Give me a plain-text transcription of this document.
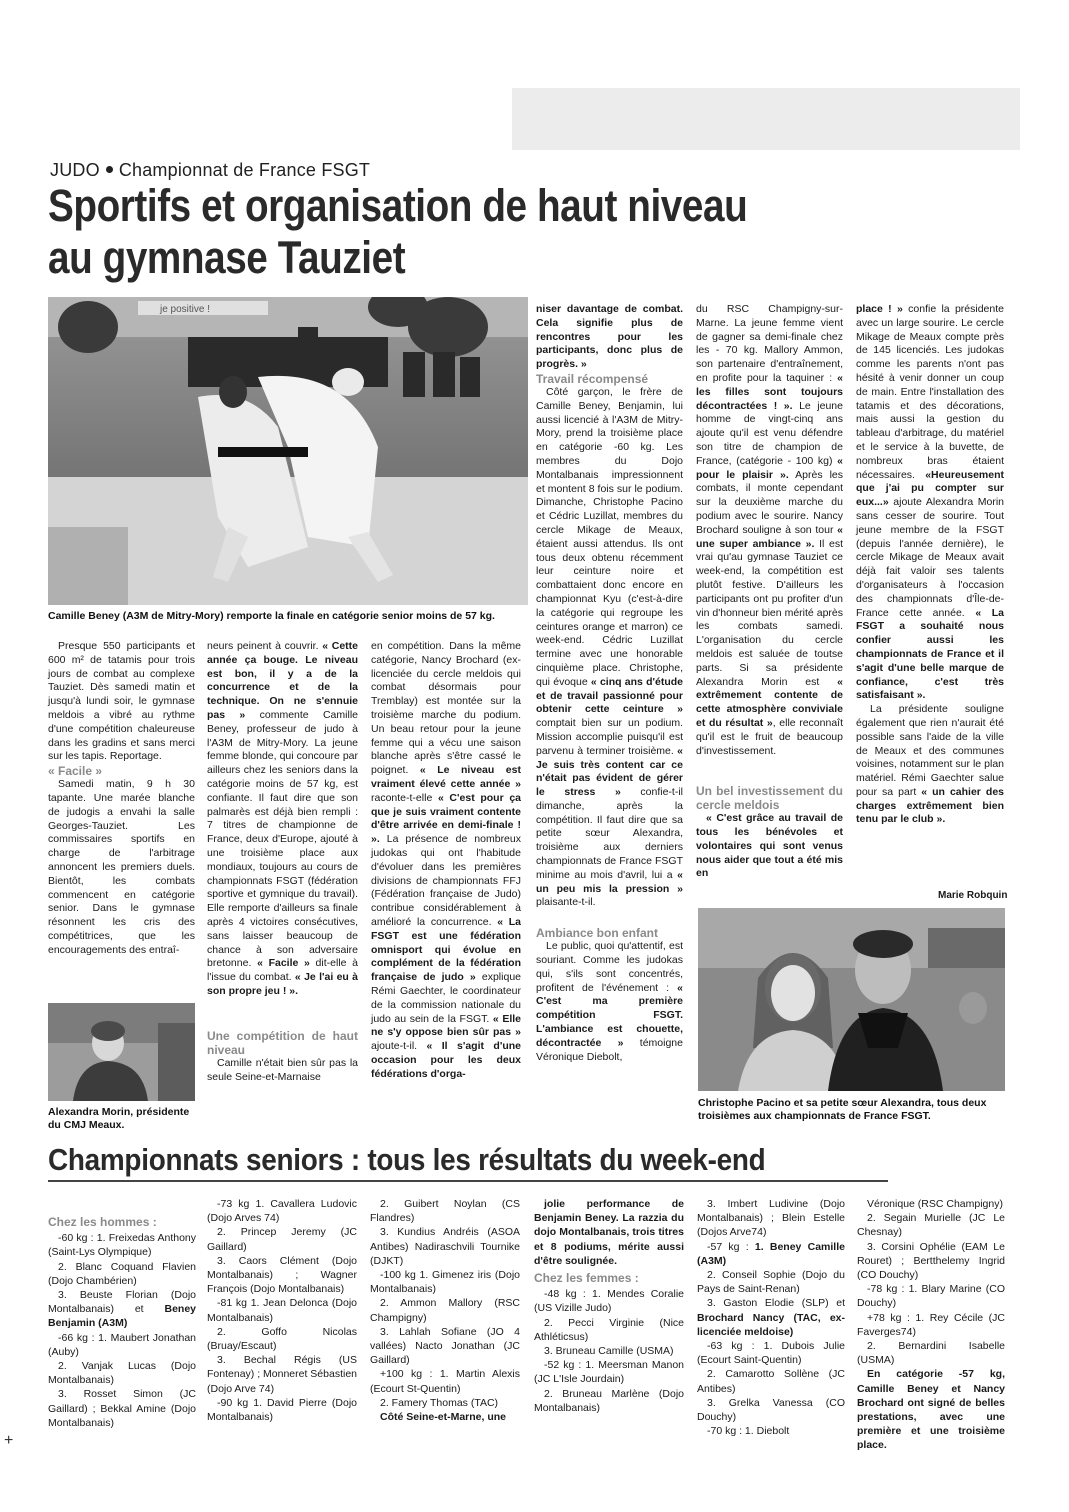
JUDO Championnat de France FSGT
Sportifs et organisation de haut niveau
au gymnase Tauziet
je positive !
Camille Beney (A3M de Mitry-Mory) remporte la finale en catégorie senior moins de 57 kg.

Presque 550 participants et 600 m² de tatamis pour trois jours de combat au complexe Tauziet. Dès samedi matin et jusqu'à lundi soir, le gymnase meldois a vibré au rythme d'une compétition chaleureuse dans les gradins et sans merci sur les tapis. Reportage.

« Facile »

Samedi matin, 9 h 30 tapante. Une marée blanche de judogis a envahi la salle Georges-Tauziet. Les commissaires sportifs en charge de l'arbitrage annoncent les premiers duels. Bientôt, les combats commencent en catégorie senior. Dans le gymnase résonnent les cris des compétitrices, que les encouragements des entraî-

Alexandra Morin, présidente du CMJ Meaux.

neurs peinent à couvrir. « Cette année ça bouge. Le niveau est bon, il y a de la concurrence et de la technique. On ne s'ennuie pas » commente Camille Beney, professeur de judo à l'A3M de Mitry-Mory. La jeune femme blonde, qui concoure par ailleurs chez les seniors dans la catégorie moins de 57 kg, est confiante. Il faut dire que son palmarès est déjà bien rempli : 7 titres de championne de France, deux d'Europe, ajouté à une troisième place aux mondiaux, toujours au cours de championnats FSGT (fédération sportive et gymnique du travail). Elle remporte d'ailleurs sa finale après 4 victoires consécutives, sans laisser beaucoup de chance à son adversaire bretonne. « Facile » dit-elle à l'issue du combat. « Je l'ai eu à son propre jeu ! ».

Une compétition de haut niveau

Camille n'était bien sûr pas la seule Seine-et-Marnaise

en compétition. Dans la même catégorie, Nancy Brochard (ex-licenciée du cercle meldois qui combat désormais pour Tremblay) est montée sur la troisième marche du podium. Un beau retour pour la jeune femme qui a vécu une saison blanche après s'être cassé le poignet. « Le niveau est vraiment élevé cette année » raconte-t-elle « C'est pour ça que je suis vraiment contente d'être arrivée en demi-finale ! ». La présence de nombreux judokas qui ont l'habitude d'évoluer dans les premières divisions de championnats FFJ (Fédération française de Judo) contribue considérablement à amélioré la concurrence. « La FSGT est une fédération omnisport qui évolue en complément de la fédération française de judo » explique Rémi Gaechter, le coordinateur de la commission nationale du judo au sein de la FSGT. « Elle ne s'y oppose bien sûr pas » ajoute-t-il. « Il s'agit d'une occasion pour les deux fédérations d'orga-

niser davantage de combat. Cela signifie plus de rencontres pour les participants, donc plus de progrès. »

Travail récompensé

Côté garçon, le frère de Camille Beney, Benjamin, lui aussi licencié à l'A3M de Mitry-Mory, prend la troisième place en catégorie -60 kg. Les membres du Dojo Montalbanais impressionnent et montent 8 fois sur le podium. Dimanche, Christophe Pacino et Cédric Luzillat, membres du cercle Mikage de Meaux, étaient aussi attendus. Ils ont tous deux obtenu récemment leur ceinture noire et combattaient donc encore en championnat Kyu (c'est-à-dire la catégorie qui regroupe les ceintures orange et marron) ce week-end. Cédric Luzillat termine avec une honorable cinquième place. Christophe, qui évoque « cinq ans d'étude et de travail passionné pour obtenir cette ceinture » comptait bien sur un podium. Mission accomplie puisqu'il est parvenu à terminer troisième. « Je suis très content car ce n'était pas évident de gérer le stress » confie-t-il dimanche, après la compétition. Il faut dire que sa petite sœur Alexandra, troisième aux derniers championnats de France FSGT minime au mois d'avril, lui a « un peu mis la pression » plaisante-t-il.

Ambiance bon enfant

Le public, quoi qu'attentif, est souriant. Comme les judokas qui, s'ils sont concentrés, profitent de l'événement : « C'est ma première compétition FSGT. L'ambiance est chouette, décontractée » témoigne Véronique Diebolt,

du RSC Champigny-sur-Marne. La jeune femme vient de gagner sa demi-finale chez les - 70 kg. Mallory Ammon, son partenaire d'entraînement, en profite pour la taquiner : « les filles sont toujours décontractées ! ». Le jeune homme de vingt-cinq ans ajoute qu'il est venu défendre son titre de champion de France, (catégorie - 100 kg) « pour le plaisir ». Après les combats, il monte cependant sur la deuxième marche du podium avec le sourire. Nancy Brochard souligne à son tour « une super ambiance ». Il est vrai qu'au gymnase Tauziet ce week-end, la compétition est plutôt festive. D'ailleurs les participants ont pu profiter d'un vin d'honneur bien mérité après les combats samedi. L'organisation du cercle meldois est saluée de toutse parts. Si sa présidente Alexandra Morin est « extrêmement contente de cette atmosphère conviviale et du résultat », elle reconnaît qu'il est le fruit de beaucoup d'investissement.

Un bel investissement du cercle meldois

« C'est grâce au travail de tous les bénévoles et volontaires qui sont venus nous aider que tout a été mis en

place ! » confie la présidente avec un large sourire. Le cercle Mikage de Meaux compte près de 145 licenciés. Les judokas comme les parents n'ont pas hésité à venir donner un coup de main. Entre l'installation des tatamis et des décorations, mais aussi la gestion du tableau d'arbitrage, du matériel et le service à la buvette, de nombreux bras étaient nécessaires. «Heureusement que j'ai pu compter sur eux...» ajoute Alexandra Morin sans cesser de sourire. Tout jeune membre de la FSGT (depuis l'année dernière), le cercle Mikage de Meaux avait déjà fait valoir ses talents d'organisateurs à l'occasion des championnats d'Île-de-France cette année. « La FSGT a souhaité nous confier aussi les championnats de France et il s'agit d'une belle marque de confiance, c'est très satisfaisant ».

La présidente souligne également que rien n'aurait été possible sans l'aide de la ville de Meaux et des communes voisines, notamment sur le plan matériel. Rémi Gaechter salue pour sa part « un cahier des charges extrêmement bien tenu par le club ».

Marie Robquin
Christophe Pacino et sa petite sœur Alexandra, tous deux troisièmes aux championnats de France FSGT.
Championnats seniors : tous les résultats du week-end
Chez les hommes :
-60 kg : 1. Freixedas Anthony (Saint-Lys Olympique)
2. Blanc Coquand Flavien (Dojo Chambérien)
3. Beuste Florian (Dojo Montalbanais) et Beney Benjamin (A3M)
-66 kg : 1. Maubert Jonathan (Auby)
2. Vanjak Lucas (Dojo Montalbanais)
3. Rosset Simon (JC Gaillard) ; Bekkal Amine (Dojo Montalbanais)
-73 kg 1. Cavallera Ludovic (Dojo Arves 74)
2. Princep Jeremy (JC Gaillard)
3. Caors Clément (Dojo Montalbanais) ; Wagner François (Dojo Montalbanais)
-81 kg 1. Jean Delonca (Dojo Montalbanais)
2. Goffo Nicolas (Bruay/Escaut)
3. Bechal Régis (US Fontenay) ; Monneret Sébastien (Dojo Arve 74)
-90 kg 1. David Pierre (Dojo Montalbanais)
2. Guibert Noylan (CS Flandres)
3. Kundius Andréis (ASOA Antibes) Nadiraschvili Tournike (DJKT)
-100 kg 1. Gimenez iris (Dojo Montalbanais)
2. Ammon Mallory (RSC Champigny)
3. Lahlah Sofiane (JO 4 vallées) Nacto Jonathan (JC Gaillard)
+100 kg : 1. Martin Alexis (Ecourt St-Quentin)
2. Famery Thomas (TAC)
Côté Seine-et-Marne, une
jolie performance de Benjamin Beney. La razzia du dojo Montalbanais, trois titres et 8 podiums, mérite aussi d'être soulignée.
Chez les femmes :
-48 kg : 1. Mendes Coralie (US Vizille Judo)
2. Pecci Virginie (Nice Athléticsus)
3. Bruneau Camille (USMA)
-52 kg : 1. Meersman Manon (JC L'Isle Jourdain)
2. Bruneau Marlène (Dojo Montalbanais)
3. Imbert Ludivine (Dojo Montalbanais) ; Blein Estelle (Dojos Arve74)
-57 kg : 1. Beney Camille (A3M)
2. Conseil Sophie (Dojo du Pays de Saint-Renan)
3. Gaston Elodie (SLP) et Brochard Nancy (TAC, ex-licenciée meldoise)
-63 kg : 1. Dubois Julie (Ecourt Saint-Quentin)
2. Camarotto Sollène (JC Antibes)
3. Grelka Vanessa (CO Douchy)
-70 kg : 1. Diebolt
Véronique (RSC Champigny)
2. Segain Murielle (JC Le Chesnay)
3. Corsini Ophélie (EAM Le Rouret) ; Bertthelemy Ingrid (CO Douchy)
-78 kg : 1. Blary Marine (CO Douchy)
+78 kg : 1. Rey Cécile (JC Faverges74)
2. Bernardini Isabelle (USMA)
En catégorie -57 kg, Camille Beney et Nancy Brochard ont signé de belles prestations, avec une première et une troisième place.
+
